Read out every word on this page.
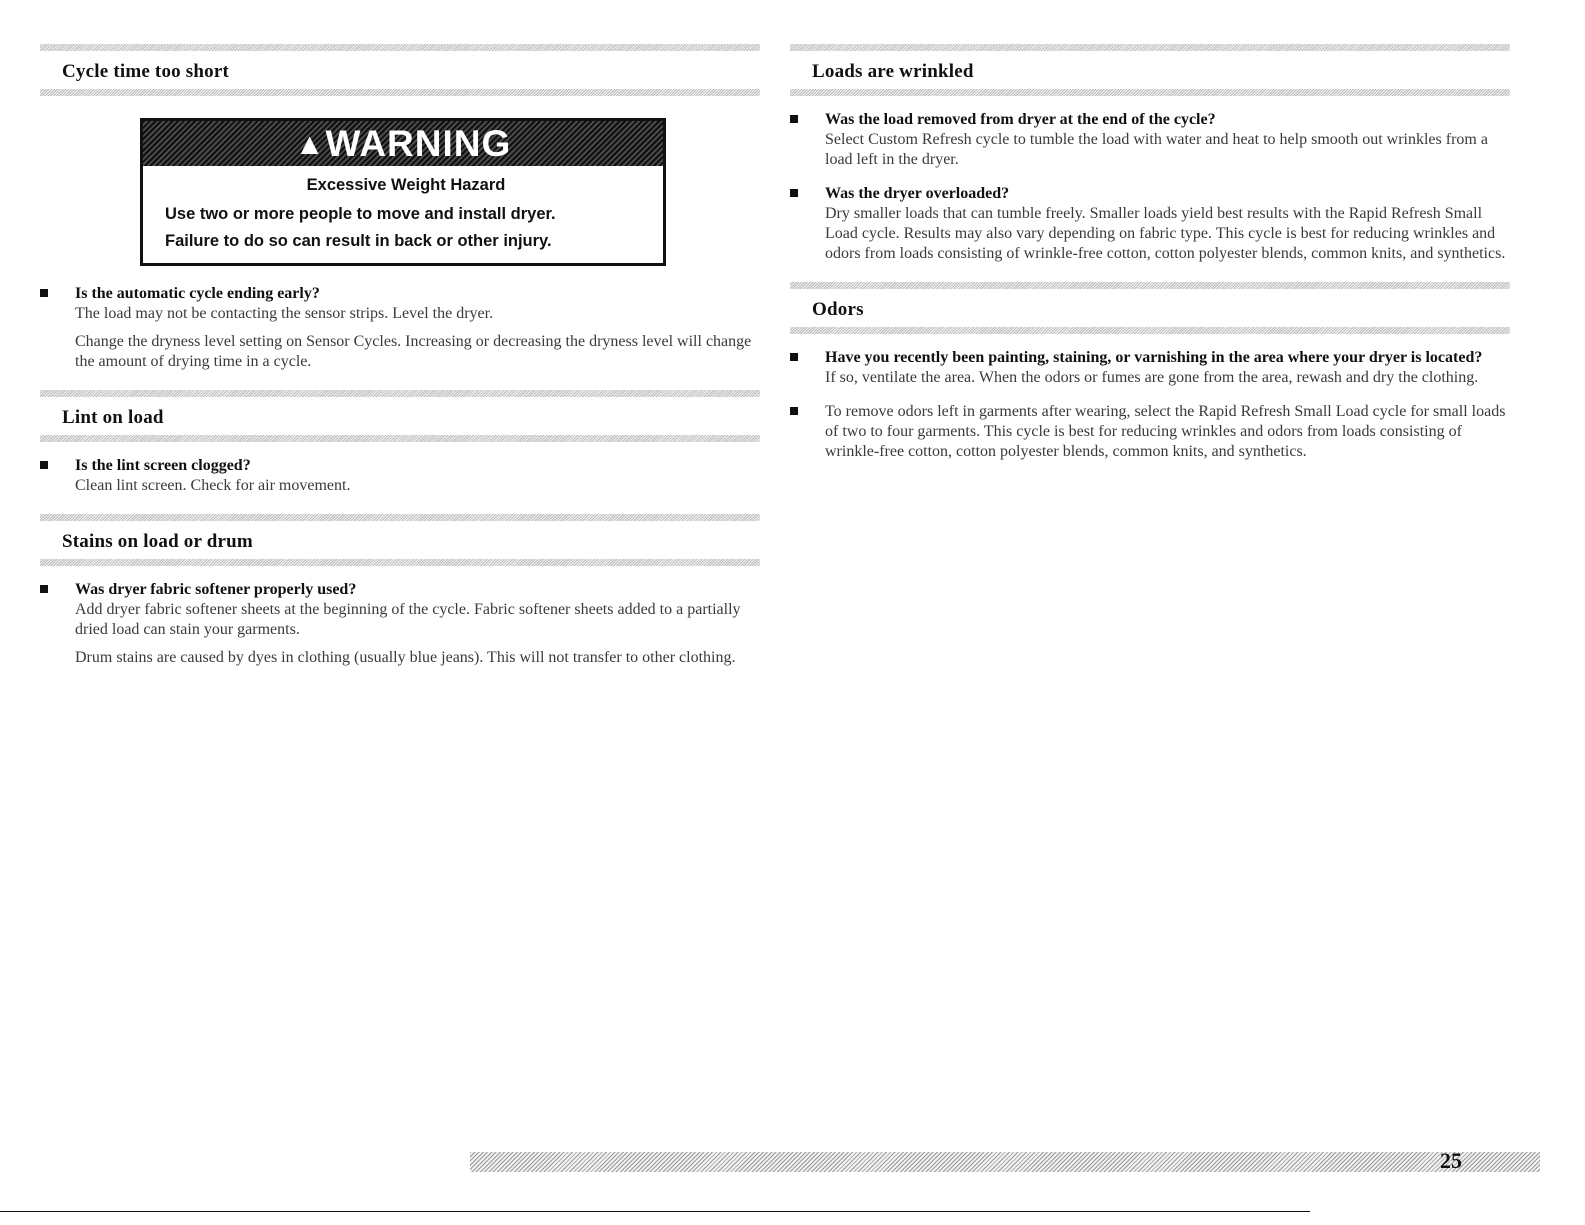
Cycle time too short
▲WARNING
Excessive Weight Hazard
Use two or more people to move and install dryer.
Failure to do so can result in back or other injury.
Is the automatic cycle ending early?

The load may not be contacting the sensor strips. Level the dryer.

Change the dryness level setting on Sensor Cycles. Increasing or decreasing the dryness level will change the amount of drying time in a cycle.

Lint on load
Is the lint screen clogged?

Clean lint screen. Check for air movement.

Stains on load or drum
Was dryer fabric softener properly used?

Add dryer fabric softener sheets at the beginning of the cycle. Fabric softener sheets added to a partially dried load can stain your garments.

Drum stains are caused by dyes in clothing (usually blue jeans). This will not transfer to other clothing.

Loads are wrinkled
Was the load removed from dryer at the end of the cycle?

Select Custom Refresh cycle to tumble the load with water and heat to help smooth out wrinkles from a load left in the dryer.

Was the dryer overloaded?

Dry smaller loads that can tumble freely. Smaller loads yield best results with the Rapid Refresh Small Load cycle. Results may also vary depending on fabric type. This cycle is best for reducing wrinkles and odors from loads consisting of wrinkle-free cotton, cotton polyester blends, common knits, and synthetics.

Odors
Have you recently been painting, staining, or varnishing in the area where your dryer is located?

If so, ventilate the area. When the odors or fumes are gone from the area, rewash and dry the clothing.

To remove odors left in garments after wearing, select the Rapid Refresh Small Load cycle for small loads of two to four garments. This cycle is best for reducing wrinkles and odors from loads consisting of wrinkle-free cotton, cotton polyester blends, common knits, and synthetics.

25
